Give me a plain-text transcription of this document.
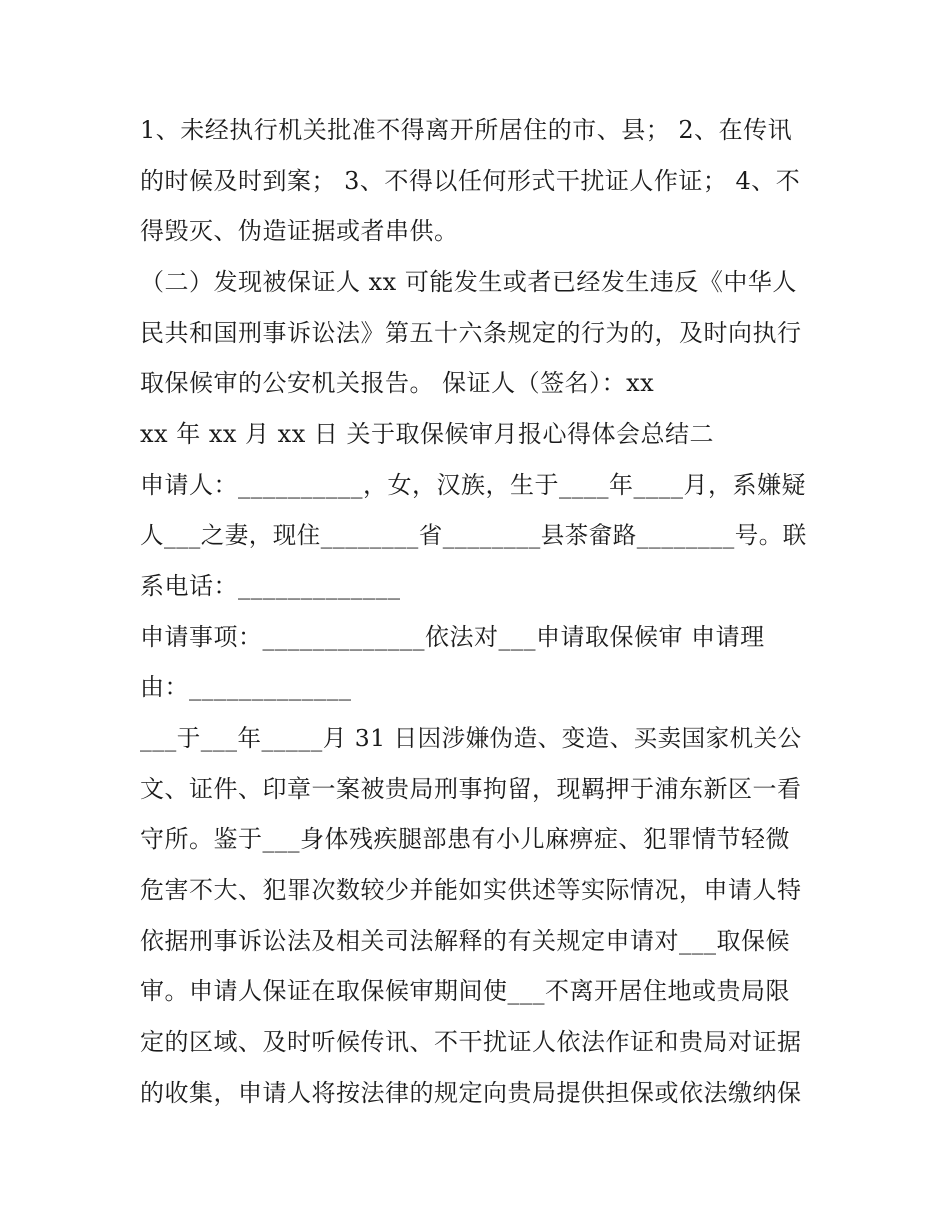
1、未经执行机关批准不得离开所居住的市、县； 2、在传讯
的时候及时到案； 3、不得以任何形式干扰证人作证； 4、不
得毁灭、伪造证据或者串供。
（二）发现被保证人 xx 可能发生或者已经发生违反《中华人
民共和国刑事诉讼法》第五十六条规定的行为的，及时向执行
取保候审的公安机关报告。 保证人（签名）：xx
xx 年 xx 月 xx 日 关于取保候审月报心得体会总结二
申请人：__________，女，汉族，生于____年____月，系嫌疑
人___之妻，现住________省________县茶畲路________号。联
系电话：_____________
申请事项：_____________依法对___申请取保候审 申请理
由：_____________
___于___年_____月 31 日因涉嫌伪造、变造、买卖国家机关公
文、证件、印章一案被贵局刑事拘留，现羁押于浦东新区一看
守所。鉴于___身体残疾腿部患有小儿麻痹症、犯罪情节轻微
危害不大、犯罪次数较少并能如实供述等实际情况，申请人特
依据刑事诉讼法及相关司法解释的有关规定申请对___取保候
审。申请人保证在取保候审期间使___不离开居住地或贵局限
定的区域、及时听候传讯、不干扰证人依法作证和贵局对证据
的收集，申请人将按法律的规定向贵局提供担保或依法缴纳保
